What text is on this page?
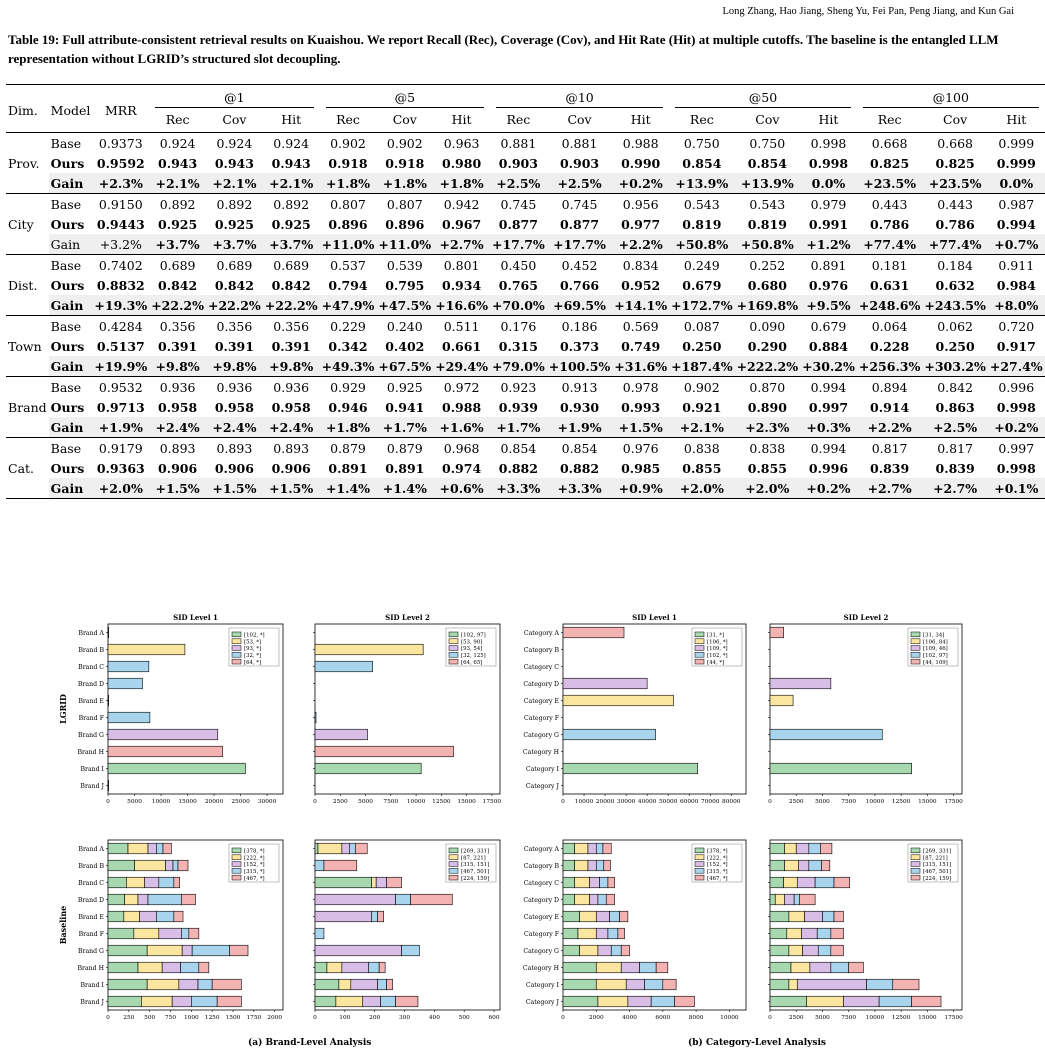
Long Zhang, Hao Jiang, Sheng Yu, Fei Pan, Peng Jiang, and Kun Gai
Table 19: Full attribute-consistent retrieval results on Kuaishou. We report Recall (Rec), Coverage (Cov), and Hit Rate (Hit) at multiple cutoffs. The baseline is the entangled LLM representation without LGRID’s structured slot decoupling.
Dim.	Model	MRR	@1			@5			@10			@50			@100		

			Rec	Cov	Hit	Rec	Cov	Hit	Rec	Cov	Hit	Rec	Cov	Hit	Rec	Cov	Hit
	Base	0.9373	0.924	0.924	0.924	0.902	0.902	0.963	0.881	0.881	0.988	0.750	0.750	0.998	0.668	0.668	0.999
Prov.	Ours	0.9592	0.943	0.943	0.943	0.918	0.918	0.980	0.903	0.903	0.990	0.854	0.854	0.998	0.825	0.825	0.999
	Gain	+2.3%	+2.1%	+2.1%	+2.1%	+1.8%	+1.8%	+1.8%	+2.5%	+2.5%	+0.2%	+13.9%	+13.9%	0.0%	+23.5%	+23.5%	0.0%
	Base	0.9150	0.892	0.892	0.892	0.807	0.807	0.942	0.745	0.745	0.956	0.543	0.543	0.979	0.443	0.443	0.987
City	Ours	0.9443	0.925	0.925	0.925	0.896	0.896	0.967	0.877	0.877	0.977	0.819	0.819	0.991	0.786	0.786	0.994
	Gain	+3.2%	+3.7%	+3.7%	+3.7%	+11.0%	+11.0%	+2.7%	+17.7%	+17.7%	+2.2%	+50.8%	+50.8%	+1.2%	+77.4%	+77.4%	+0.7%
	Base	0.7402	0.689	0.689	0.689	0.537	0.539	0.801	0.450	0.452	0.834	0.249	0.252	0.891	0.181	0.184	0.911
Dist.	Ours	0.8832	0.842	0.842	0.842	0.794	0.795	0.934	0.765	0.766	0.952	0.679	0.680	0.976	0.631	0.632	0.984
	Gain	+19.3%	+22.2%	+22.2%	+22.2%	+47.9%	+47.5%	+16.6%	+70.0%	+69.5%	+14.1%	+172.7%	+169.8%	+9.5%	+248.6%	+243.5%	+8.0%
	Base	0.4284	0.356	0.356	0.356	0.229	0.240	0.511	0.176	0.186	0.569	0.087	0.090	0.679	0.064	0.062	0.720
Town	Ours	0.5137	0.391	0.391	0.391	0.342	0.402	0.661	0.315	0.373	0.749	0.250	0.290	0.884	0.228	0.250	0.917
	Gain	+19.9%	+9.8%	+9.8%	+9.8%	+49.3%	+67.5%	+29.4%	+79.0%	+100.5%	+31.6%	+187.4%	+222.2%	+30.2%	+256.3%	+303.2%	+27.4%
	Base	0.9532	0.936	0.936	0.936	0.929	0.925	0.972	0.923	0.913	0.978	0.902	0.870	0.994	0.894	0.842	0.996
Brand	Ours	0.9713	0.958	0.958	0.958	0.946	0.941	0.988	0.939	0.930	0.993	0.921	0.890	0.997	0.914	0.863	0.998
	Gain	+1.9%	+2.4%	+2.4%	+2.4%	+1.8%	+1.7%	+1.6%	+1.7%	+1.9%	+1.5%	+2.1%	+2.3%	+0.3%	+2.2%	+2.5%	+0.2%
	Base	0.9179	0.893	0.893	0.893	0.879	0.879	0.968	0.854	0.854	0.976	0.838	0.838	0.994	0.817	0.817	0.997
Cat.	Ours	0.9363	0.906	0.906	0.906	0.891	0.891	0.974	0.882	0.882	0.985	0.855	0.855	0.996	0.839	0.839	0.998
	Gain	+2.0%	+1.5%	+1.5%	+1.5%	+1.4%	+1.4%	+0.6%	+3.3%	+3.3%	+0.9%	+2.0%	+2.0%	+0.2%	+2.7%	+2.7%	+0.1%

SID Level 1
Brand A
Brand B
Brand C
Brand D
Brand E
Brand F
Brand G
Brand H
Brand I
Brand J
0	5000 10000 15000 20000 25000 30000
[102, *]
[53, *]
[93, *]
[32, *]
[64, *]
SID Level 2
0	2500 5000 7500 10000 12500 15000 17500
[102, 97]
[53, 90]
[93, 54]
[32, 125]
[64, 65]
SID Level 1
Category A
Category B
Category C
Category D
Category E
Category F
Category G
Category H
Category I
Category J
0 10000 20000 30000 40000 50000 60000 70000 80000
[31, *]
[106, *]
[109, *]
[102, *]
[44, *]
SID Level 2
0	2500 5000 7500 10000 12500 15000 17500
[31, 34]
[106, 84]
[109, 46]
[102, 97]
[44, 109]
Brand A
Brand B
Brand C
Brand D
Brand E
Brand F
Brand G
Brand H
Brand I
Brand J
0 250 500 750 1000 1250 1500 1750 2000
[378, *]
[222, *]
[152, *]
[315, *]
[467, *]
0	100	200	300	400	500	600
[269, 331]
[87, 221]
[315, 151]
[467, 501]
[224, 159]
Category A
Category B
Category C
Category D
Category E
Category F
Category G
Category H
Category I
Category J
0	2000	4000	6000	8000	10000
[378, *]
[222, *]
[152, *]
[315, *]
[467, *]
0	2500 5000 7500 10000 12500 15000 17500
[269, 331]
[87, 221]
[315, 151]
[467, 501]
[224, 159]
LGRID
Baseline
(a) Brand-Level Analysis	(b) Category-Level Analysis
